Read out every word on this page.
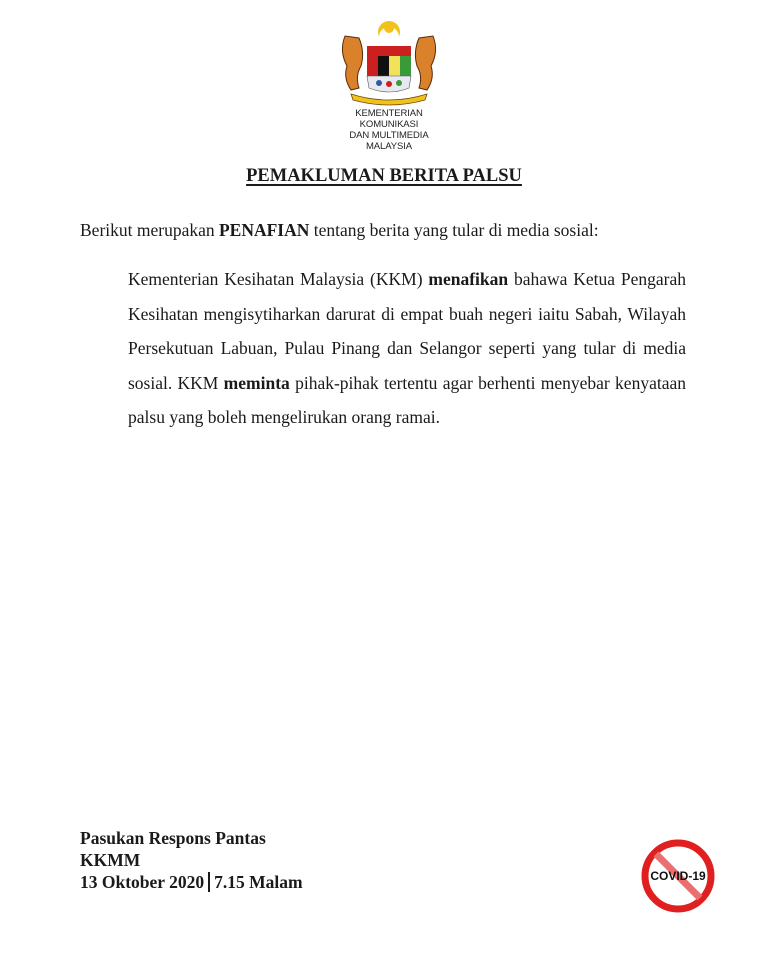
KEMENTERIAN KOMUNIKASI
DAN MULTIMEDIA MALAYSIA
PEMAKLUMAN BERITA PALSU
Berikut merupakan PENAFIAN tentang berita yang tular di media sosial:
Kementerian Kesihatan Malaysia (KKM) menafikan bahawa Ketua Pengarah Kesihatan mengisytiharkan darurat di empat buah negeri iaitu Sabah, Wilayah Persekutuan Labuan, Pulau Pinang dan Selangor seperti yang tular di media sosial. KKM meminta pihak-pihak tertentu agar berhenti menyebar kenyataan palsu yang boleh mengelirukan orang ramai.
Pasukan Respons Pantas
KKMM
13 Oktober 2020 7.15 Malam	COVID-19
